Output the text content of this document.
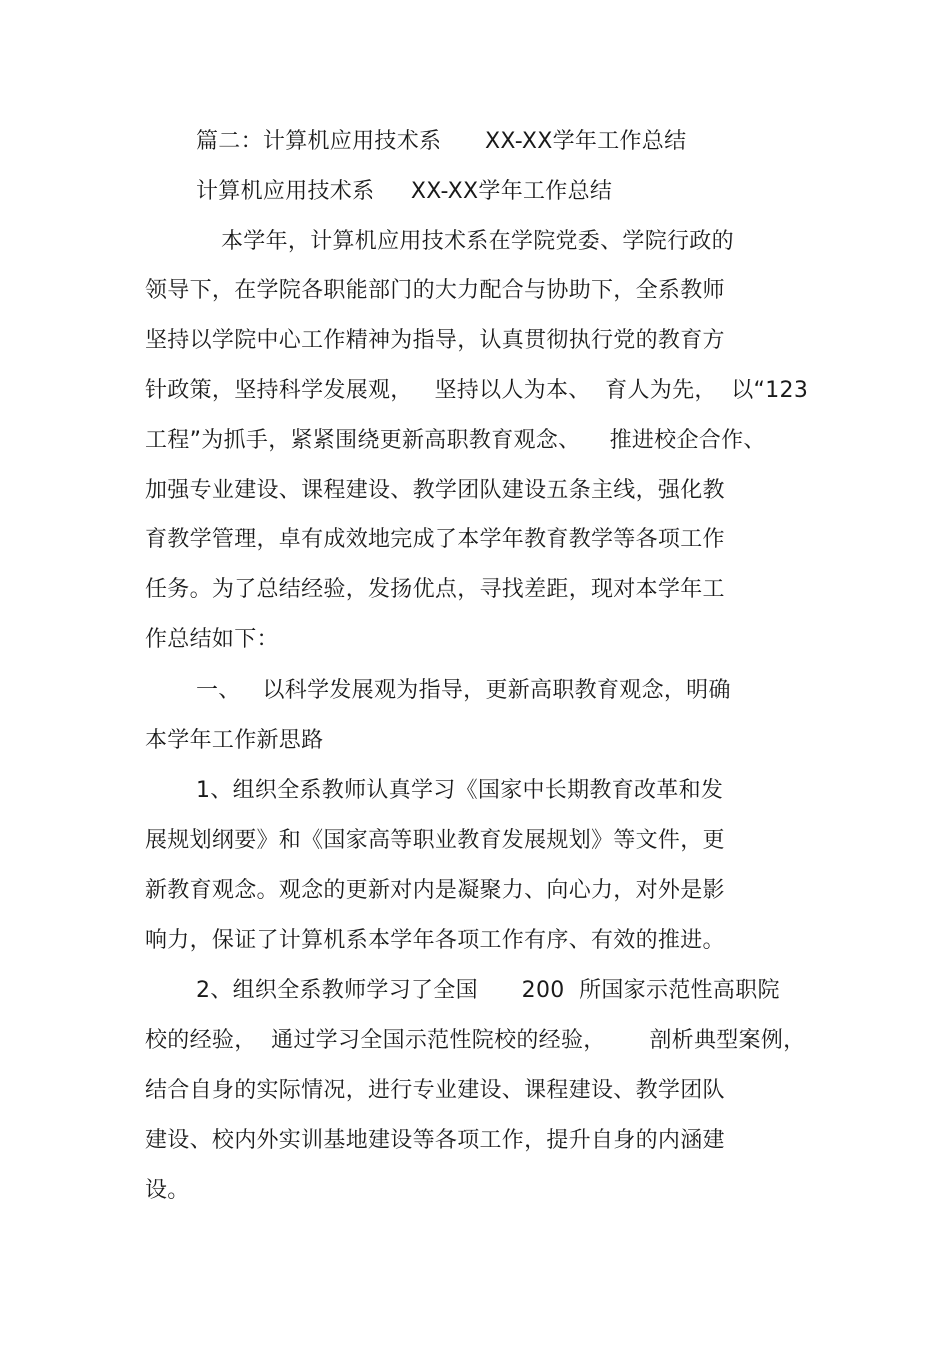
篇二：计算机应用技术系      XX-XX学年工作总结

计算机应用技术系     XX-XX学年工作总结

本学年，计算机应用技术系在学院党委、学院行政的

领导下，在学院各职能部门的大力配合与协助下，全系教师

坚持以学院中心工作精神为指导，认真贯彻执行党的教育方

针政策，坚持科学发展观，   坚持以人为本、  育人为先，  以“123

工程”为抓手，紧紧围绕更新高职教育观念、    推进校企合作、

加强专业建设、课程建设、教学团队建设五条主线，强化教

育教学管理，卓有成效地完成了本学年教育教学等各项工作

任务。为了总结经验，发扬优点，寻找差距，现对本学年工

作总结如下：

一、   以科学发展观为指导，更新高职教育观念，明确

本学年工作新思路

1、组织全系教师认真学习《国家中长期教育改革和发

展规划纲要》和《国家高等职业教育发展规划》等文件，更

新教育观念。观念的更新对内是凝聚力、向心力，对外是影

响力，保证了计算机系本学年各项工作有序、有效的推进。

2、组织全系教师学习了全国      200  所国家示范性高职院

校的经验，  通过学习全国示范性院校的经验，      剖析典型案例，

结合自身的实际情况，进行专业建设、课程建设、教学团队

建设、校内外实训基地建设等各项工作，提升自身的内涵建

设。
